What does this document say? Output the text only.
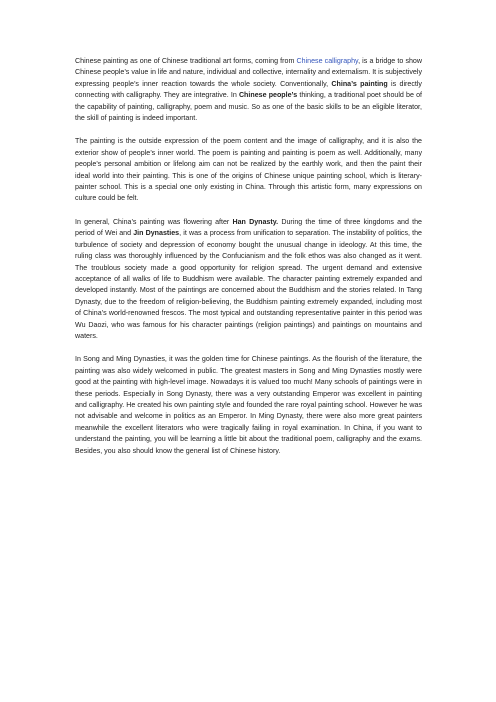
Chinese painting as one of Chinese traditional art forms, coming from Chinese calligraphy, is a bridge to show Chinese people’s value in life and nature, individual and collective, internality and externalism. It is subjectively expressing people’s inner reaction towards the whole society. Conventionally, China’s painting is directly connecting with calligraphy. They are integrative. In Chinese people’s thinking, a traditional poet should be of the capability of painting, calligraphy, poem and music. So as one of the basic skills to be an eligible literator, the skill of painting is indeed important.

The painting is the outside expression of the poem content and the image of calligraphy, and it is also the exterior show of people’s inner world. The poem is painting and painting is poem as well. Additionally, many people’s personal ambition or lifelong aim can not be realized by the earthly work, and then the paint their ideal world into their painting. This is one of the origins of Chinese unique painting school, which is literary-painter school. This is a special one only existing in China. Through this artistic form, many expressions on culture could be felt.

In general, China’s painting was flowering after Han Dynasty. During the time of three kingdoms and the period of Wei and Jin Dynasties, it was a process from unification to separation. The instability of politics, the turbulence of society and depression of economy bought the unusual change in ideology. At this time, the ruling class was thoroughly influenced by the Confucianism and the folk ethos was also changed as it went. The troublous society made a good opportunity for religion spread. The urgent demand and extensive acceptance of all walks of life to Buddhism were available. The character painting extremely expanded and developed instantly. Most of the paintings are concerned about the Buddhism and the stories related. In Tang Dynasty, due to the freedom of religion-believing, the Buddhism painting extremely expanded, including most of China’s world-renowned frescos. The most typical and outstanding representative painter in this period was Wu Daozi, who was famous for his character paintings (religion paintings) and paintings on mountains and waters.

In Song and Ming Dynasties, it was the golden time for Chinese paintings. As the flourish of the literature, the painting was also widely welcomed in public. The greatest masters in Song and Ming Dynasties mostly were good at the painting with high-level image. Nowadays it is valued too much! Many schools of paintings were in these periods. Especially in Song Dynasty, there was a very outstanding Emperor was excellent in painting and calligraphy. He created his own painting style and founded the rare royal painting school. However he was not advisable and welcome in politics as an Emperor. In Ming Dynasty, there were also more great painters meanwhile the excellent literators who were tragically failing in royal examination. In China, if you want to understand the painting, you will be learning a little bit about the traditional poem, calligraphy and the exams. Besides, you also should know the general list of Chinese history.
